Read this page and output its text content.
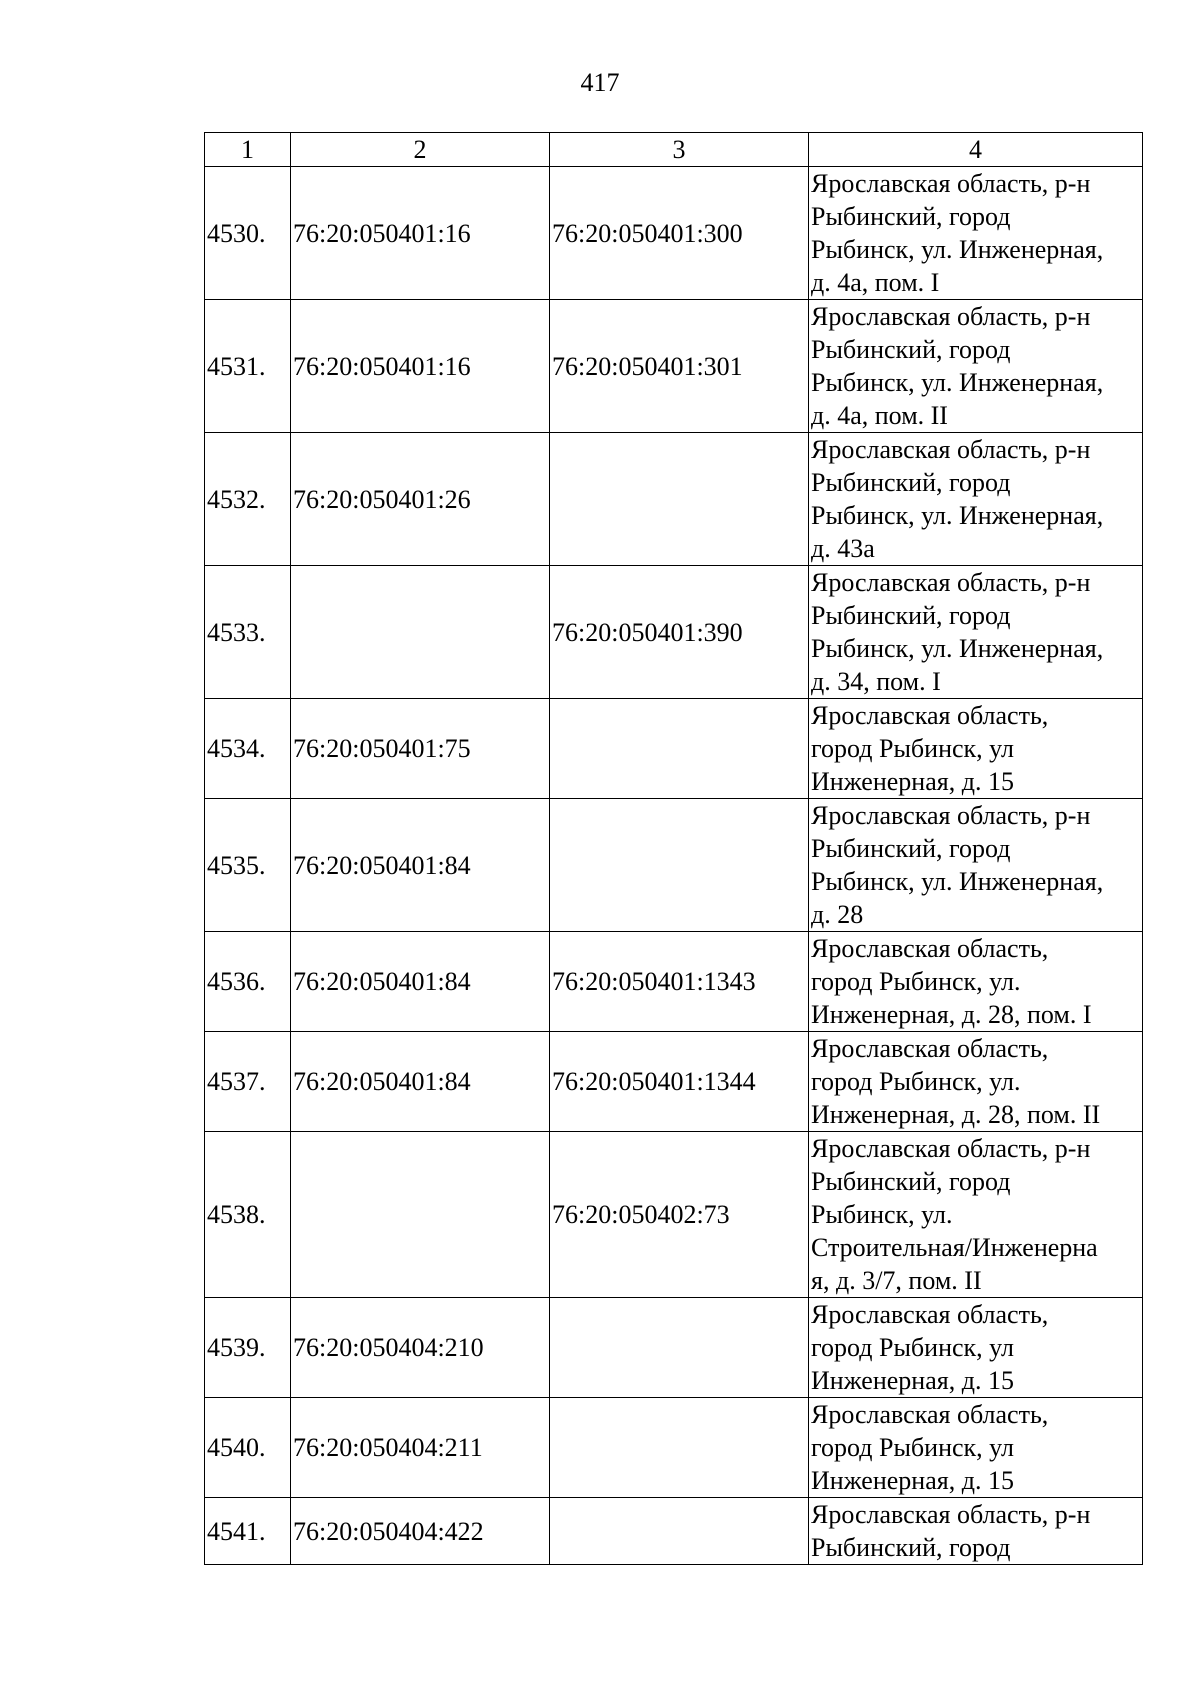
417
1	2	3	4
4530.	76:20:050401:16	76:20:050401:300	Ярославская область, р-н
Рыбинский, город
Рыбинск, ул. Инженерная,
д. 4а, пом. I
4531.	76:20:050401:16	76:20:050401:301	Ярославская область, р-н
Рыбинский, город
Рыбинск, ул. Инженерная,
д. 4а, пом. II
4532.	76:20:050401:26		Ярославская область, р-н
Рыбинский, город
Рыбинск, ул. Инженерная,
д. 43а
4533.		76:20:050401:390	Ярославская область, р-н
Рыбинский, город
Рыбинск, ул. Инженерная,
д. 34, пом. I
4534.	76:20:050401:75		Ярославская область,
город Рыбинск, ул
Инженерная, д. 15
4535.	76:20:050401:84		Ярославская область, р-н
Рыбинский, город
Рыбинск, ул. Инженерная,
д. 28
4536.	76:20:050401:84	76:20:050401:1343	Ярославская область,
город Рыбинск, ул.
Инженерная, д. 28, пом. I
4537.	76:20:050401:84	76:20:050401:1344	Ярославская область,
город Рыбинск, ул.
Инженерная, д. 28, пом. II
4538.		76:20:050402:73	Ярославская область, р-н
Рыбинский, город
Рыбинск, ул.
Строительная/Инженерна
я, д. 3/7, пом. II
4539.	76:20:050404:210		Ярославская область,
город Рыбинск, ул
Инженерная, д. 15
4540.	76:20:050404:211		Ярославская область,
город Рыбинск, ул
Инженерная, д. 15
4541.	76:20:050404:422		Ярославская область, р-н
Рыбинский, город
